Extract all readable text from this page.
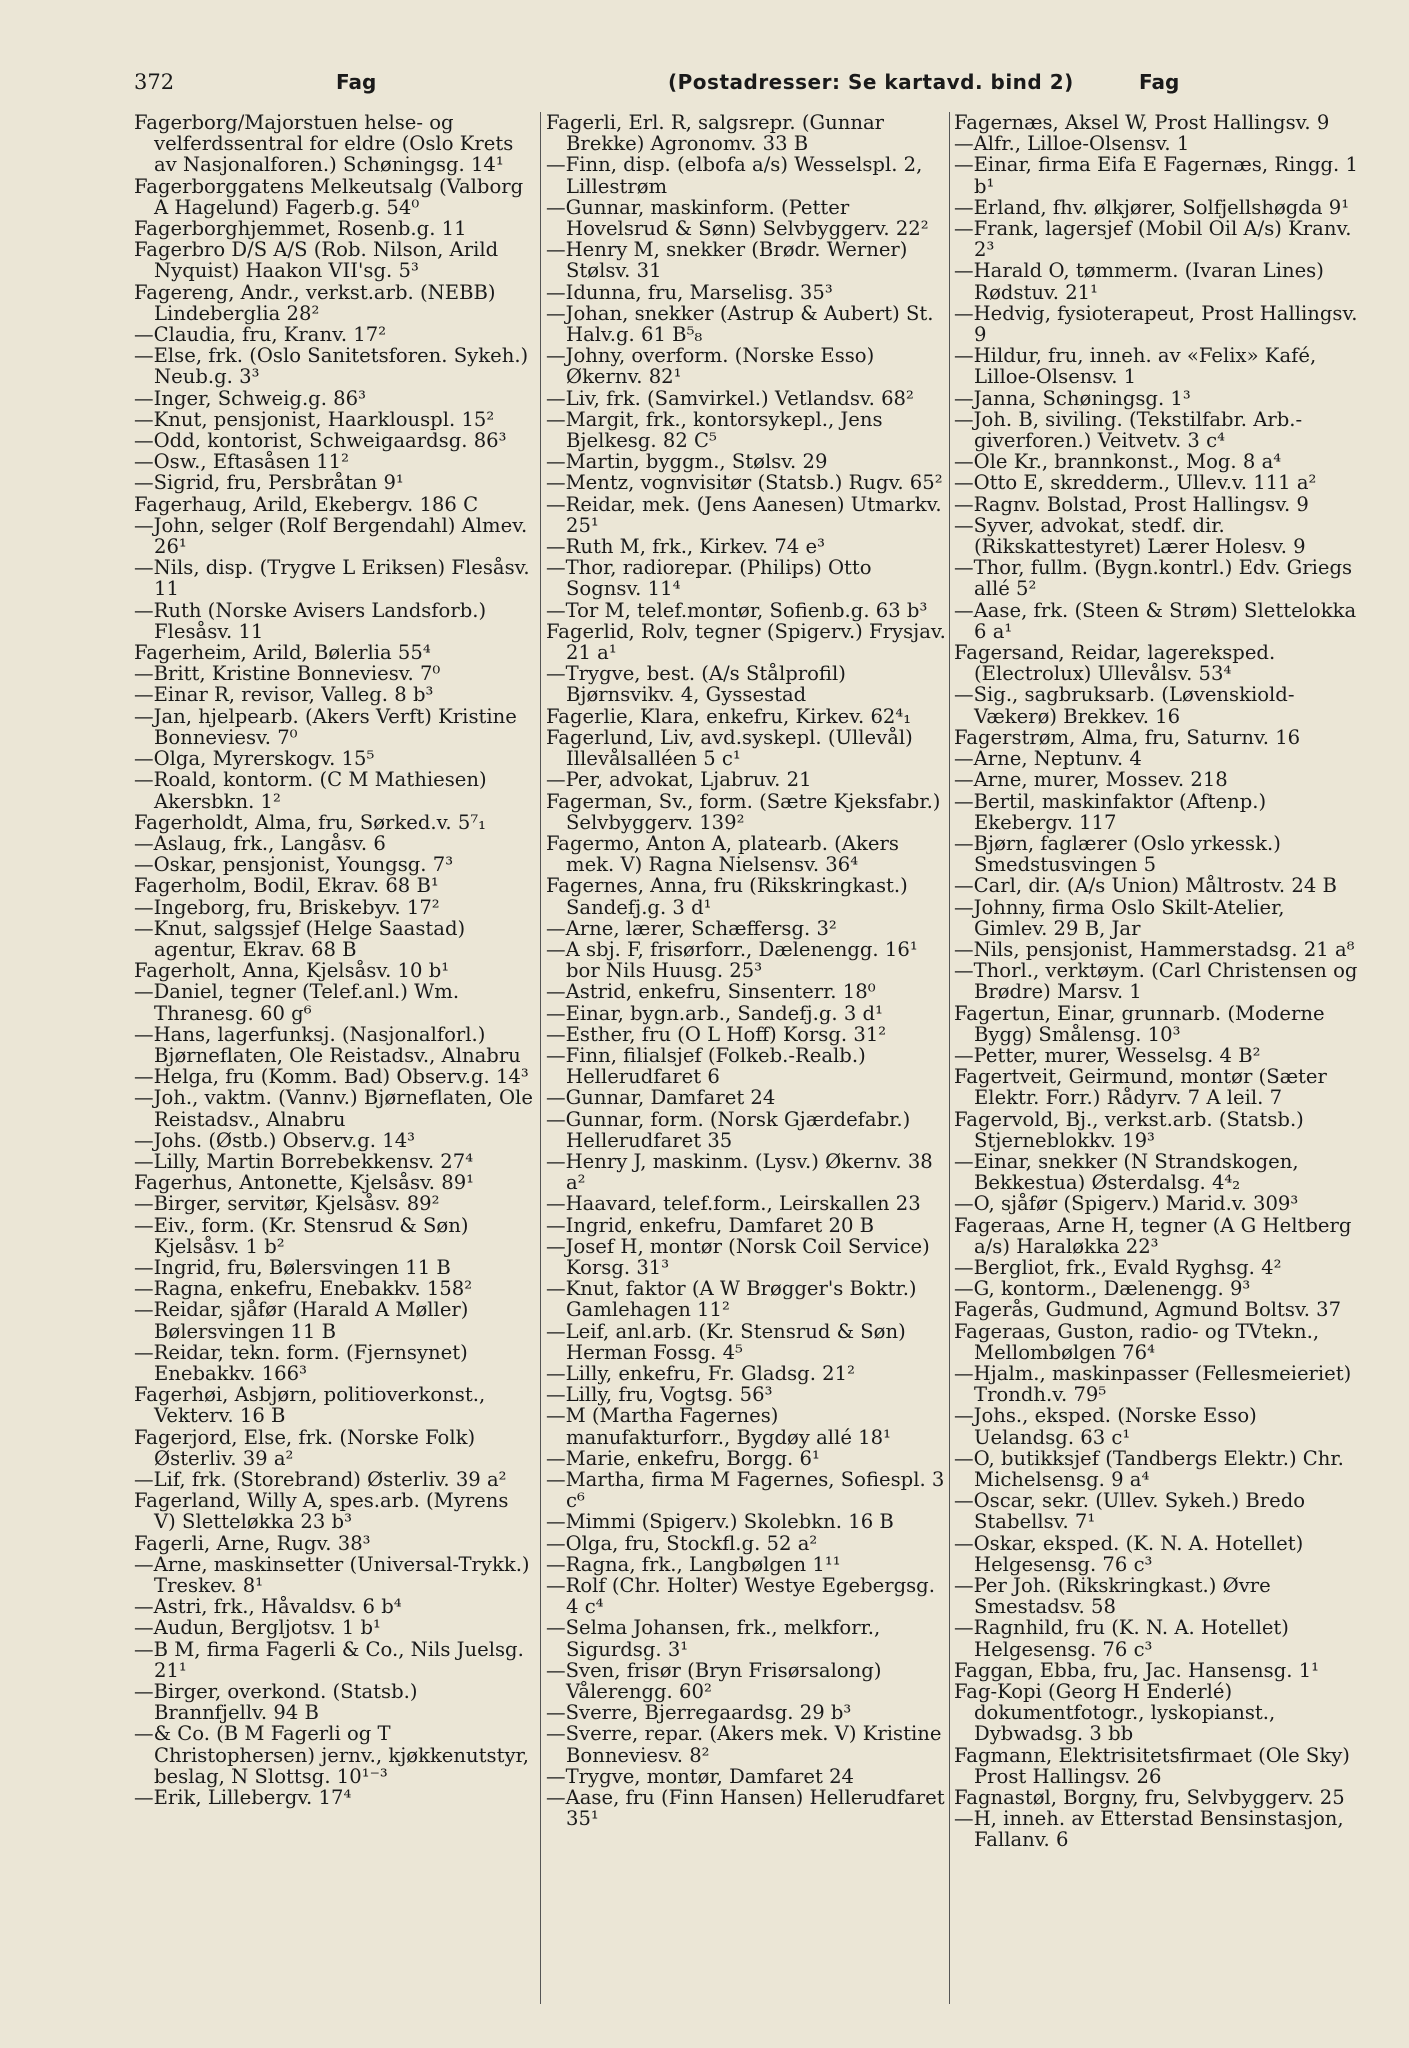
372	Fag	(Postadresser: Se kartavd. bind 2)	Fag

Fagerborg/Majorstuen helse- og velferdssentral for eldre (Oslo Krets av Nasjonalforen.) Schøningsg. 14¹

Fagerborggatens Melkeutsalg (Valborg A Hagelund) Fagerb.g. 54⁰

Fagerborghjemmet, Rosenb.g. 11

Fagerbro D/S A/S (Rob. Nilson, Arild Nyquist) Haakon VII'sg. 5³

Fagereng, Andr., verkst.arb. (NEBB) Lindeberglia 28²

—Claudia, fru, Kranv. 17²

—Else, frk. (Oslo Sanitetsforen. Sykeh.) Neub.g. 3³

—Inger, Schweig.g. 86³

—Knut, pensjonist, Haarklouspl. 15²

—Odd, kontorist, Schweigaardsg. 86³

—Osw., Eftasåsen 11²

—Sigrid, fru, Persbråtan 9¹

Fagerhaug, Arild, Ekebergv. 186 C

—John, selger (Rolf Bergendahl) Almev. 26¹

—Nils, disp. (Trygve L Eriksen) Flesåsv. 11

—Ruth (Norske Avisers Landsforb.) Flesåsv. 11

Fagerheim, Arild, Bølerlia 55⁴

—Britt, Kristine Bonneviesv. 7⁰

—Einar R, revisor, Valleg. 8 b³

—Jan, hjelpearb. (Akers Verft) Kristine Bonneviesv. 7⁰

—Olga, Myrerskogv. 15⁵

—Roald, kontorm. (C M Mathiesen) Akersbkn. 1²

Fagerholdt, Alma, fru, Sørked.v. 5⁷₁

—Aslaug, frk., Langåsv. 6

—Oskar, pensjonist, Youngsg. 7³

Fagerholm, Bodil, Ekrav. 68 B¹

—Ingeborg, fru, Briskebyv. 17²

—Knut, salgssjef (Helge Saastad) agentur, Ekrav. 68 B

Fagerholt, Anna, Kjelsåsv. 10 b¹

—Daniel, tegner (Telef.anl.) Wm. Thranesg. 60 g⁶

—Hans, lagerfunksj. (Nasjonalforl.) Bjørneflaten, Ole Reistadsv., Alnabru

—Helga, fru (Komm. Bad) Observ.g. 14³

—Joh., vaktm. (Vannv.) Bjørneflaten, Ole Reistadsv., Alnabru

—Johs. (Østb.) Observ.g. 14³

—Lilly, Martin Borrebekkensv. 27⁴

Fagerhus, Antonette, Kjelsåsv. 89¹

—Birger, servitør, Kjelsåsv. 89²

—Eiv., form. (Kr. Stensrud & Søn) Kjelsåsv. 1 b²

—Ingrid, fru, Bølersvingen 11 B

—Ragna, enkefru, Enebakkv. 158²

—Reidar, sjåfør (Harald A Møller) Bølersvingen 11 B

—Reidar, tekn. form. (Fjernsynet) Enebakkv. 166³

Fagerhøi, Asbjørn, politioverkonst., Vekterv. 16 B

Fagerjord, Else, frk. (Norske Folk) Østerliv. 39 a²

—Lif, frk. (Storebrand) Østerliv. 39 a²

Fagerland, Willy A, spes.arb. (Myrens V) Sletteløkka 23 b³

Fagerli, Arne, Rugv. 38³

—Arne, maskinsetter (Universal-Trykk.) Treskev. 8¹

—Astri, frk., Håvaldsv. 6 b⁴

—Audun, Bergljotsv. 1 b¹

—B M, firma Fagerli & Co., Nils Juelsg. 21¹

—Birger, overkond. (Statsb.) Brannfjellv. 94 B

—& Co. (B M Fagerli og T Christophersen) jernv., kjøkkenutstyr, beslag, N Slottsg. 10¹⁻³

—Erik, Lillebergv. 17⁴

Fagerli, Erl. R, salgsrepr. (Gunnar Brekke) Agronomv. 33 B

—Finn, disp. (elbofa a/s) Wesselspl. 2, Lillestrøm

—Gunnar, maskinform. (Petter Hovelsrud & Sønn) Selvbyggerv. 22²

—Henry M, snekker (Brødr. Werner) Stølsv. 31

—Idunna, fru, Marselisg. 35³

—Johan, snekker (Astrup & Aubert) St. Halv.g. 61 B⁵₈

—Johny, overform. (Norske Esso) Økernv. 82¹

—Liv, frk. (Samvirkel.) Vetlandsv. 68²

—Margit, frk., kontorsykepl., Jens Bjelkesg. 82 C⁵

—Martin, byggm., Stølsv. 29

—Mentz, vognvisitør (Statsb.) Rugv. 65²

—Reidar, mek. (Jens Aanesen) Utmarkv. 25¹

—Ruth M, frk., Kirkev. 74 e³

—Thor, radiorepar. (Philips) Otto Sognsv. 11⁴

—Tor M, telef.montør, Sofienb.g. 63 b³

Fagerlid, Rolv, tegner (Spigerv.) Frysjav. 21 a¹

—Trygve, best. (A/s Stålprofil) Bjørnsvikv. 4, Gyssestad

Fagerlie, Klara, enkefru, Kirkev. 62⁴₁

Fagerlund, Liv, avd.syskepl. (Ullevål) Illevålsalléen 5 c¹

—Per, advokat, Ljabruv. 21

Fagerman, Sv., form. (Sætre Kjeksfabr.) Selvbyggerv. 139²

Fagermo, Anton A, platearb. (Akers mek. V) Ragna Nielsensv. 36⁴

Fagernes, Anna, fru (Rikskringkast.) Sandefj.g. 3 d¹

—Arne, lærer, Schæffersg. 3²

—A sbj. F, frisørforr., Dælenengg. 16¹ bor Nils Huusg. 25³

—Astrid, enkefru, Sinsenterr. 18⁰

—Einar, bygn.arb., Sandefj.g. 3 d¹

—Esther, fru (O L Hoff) Korsg. 31²

—Finn, filialsjef (Folkeb.-Realb.) Hellerudfaret 6

—Gunnar, Damfaret 24

—Gunnar, form. (Norsk Gjærdefabr.) Hellerudfaret 35

—Henry J, maskinm. (Lysv.) Økernv. 38 a²

—Haavard, telef.form., Leirskallen 23

—Ingrid, enkefru, Damfaret 20 B

—Josef H, montør (Norsk Coil Service) Korsg. 31³

—Knut, faktor (A W Brøgger's Boktr.) Gamlehagen 11²

—Leif, anl.arb. (Kr. Stensrud & Søn) Herman Fossg. 4⁵

—Lilly, enkefru, Fr. Gladsg. 21²

—Lilly, fru, Vogtsg. 56³

—M (Martha Fagernes) manufakturforr., Bygdøy allé 18¹

—Marie, enkefru, Borgg. 6¹

—Martha, firma M Fagernes, Sofiespl. 3 c⁶

—Mimmi (Spigerv.) Skolebkn. 16 B

—Olga, fru, Stockfl.g. 52 a²

—Ragna, frk., Langbølgen 1¹¹

—Rolf (Chr. Holter) Westye Egebergsg. 4 c⁴

—Selma Johansen, frk., melkforr., Sigurdsg. 3¹

—Sven, frisør (Bryn Frisørsalong) Vålerengg. 60²

—Sverre, Bjerregaardsg. 29 b³

—Sverre, repar. (Akers mek. V) Kristine Bonneviesv. 8²

—Trygve, montør, Damfaret 24

—Aase, fru (Finn Hansen) Hellerudfaret 35¹

Fagernæs, Aksel W, Prost Hallingsv. 9

—Alfr., Lilloe-Olsensv. 1

—Einar, firma Eifa E Fagernæs, Ringg. 1 b¹

—Erland, fhv. ølkjører, Solfjellshøgda 9¹

—Frank, lagersjef (Mobil Oil A/s) Kranv. 2³

—Harald O, tømmerm. (Ivaran Lines) Rødstuv. 21¹

—Hedvig, fysioterapeut, Prost Hallingsv. 9

—Hildur, fru, inneh. av «Felix» Kafé, Lilloe-Olsensv. 1

—Janna, Schøningsg. 1³

—Joh. B, siviling. (Tekstilfabr. Arb.-giverforen.) Veitvetv. 3 c⁴

—Ole Kr., brannkonst., Mog. 8 a⁴

—Otto E, skredderm., Ullev.v. 111 a²

—Ragnv. Bolstad, Prost Hallingsv. 9

—Syver, advokat, stedf. dir. (Rikskattestyret) Lærer Holesv. 9

—Thor, fullm. (Bygn.kontrl.) Edv. Griegs allé 5²

—Aase, frk. (Steen & Strøm) Slettelokka 6 a¹

Fagersand, Reidar, lagereksped. (Electrolux) Ullevålsv. 53⁴

—Sig., sagbruksarb. (Løvenskiold-Vækerø) Brekkev. 16

Fagerstrøm, Alma, fru, Saturnv. 16

—Arne, Neptunv. 4

—Arne, murer, Mossev. 218

—Bertil, maskinfaktor (Aftenp.) Ekebergv. 117

—Bjørn, faglærer (Oslo yrkessk.) Smedstusvingen 5

—Carl, dir. (A/s Union) Måltrostv. 24 B

—Johnny, firma Oslo Skilt-Atelier, Gimlev. 29 B, Jar

—Nils, pensjonist, Hammerstadsg. 21 a⁸

—Thorl., verktøym. (Carl Christensen og Brødre) Marsv. 1

Fagertun, Einar, grunnarb. (Moderne Bygg) Smålensg. 10³

—Petter, murer, Wesselsg. 4 B²

Fagertveit, Geirmund, montør (Sæter Elektr. Forr.) Rådyrv. 7 A leil. 7

Fagervold, Bj., verkst.arb. (Statsb.) Stjerneblokkv. 19³

—Einar, snekker (N Strandskogen, Bekkestua) Østerdalsg. 4⁴₂

—O, sjåfør (Spigerv.) Marid.v. 309³

Fageraas, Arne H, tegner (A G Heltberg a/s) Haraløkka 22³

—Bergliot, frk., Evald Ryghsg. 4²

—G, kontorm., Dælenengg. 9³

Fagerås, Gudmund, Agmund Boltsv. 37

Fageraas, Guston, radio- og TVtekn., Mellombølgen 76⁴

—Hjalm., maskinpasser (Fellesmeieriet) Trondh.v. 79⁵

—Johs., eksped. (Norske Esso) Uelandsg. 63 c¹

—O, butikksjef (Tandbergs Elektr.) Chr. Michelsensg. 9 a⁴

—Oscar, sekr. (Ullev. Sykeh.) Bredo Stabellsv. 7¹

—Oskar, eksped. (K. N. A. Hotellet) Helgesensg. 76 c³

—Per Joh. (Rikskringkast.) Øvre Smestadsv. 58

—Ragnhild, fru (K. N. A. Hotellet) Helgesensg. 76 c³

Faggan, Ebba, fru, Jac. Hansensg. 1¹

Fag-Kopi (Georg H Enderlé) dokumentfotogr., lyskopianst., Dybwadsg. 3 bb

Fagmann, Elektrisitetsfirmaet (Ole Sky) Prost Hallingsv. 26

Fagnastøl, Borgny, fru, Selvbyggerv. 25

—H, inneh. av Etterstad Bensinstasjon, Fallanv. 6
